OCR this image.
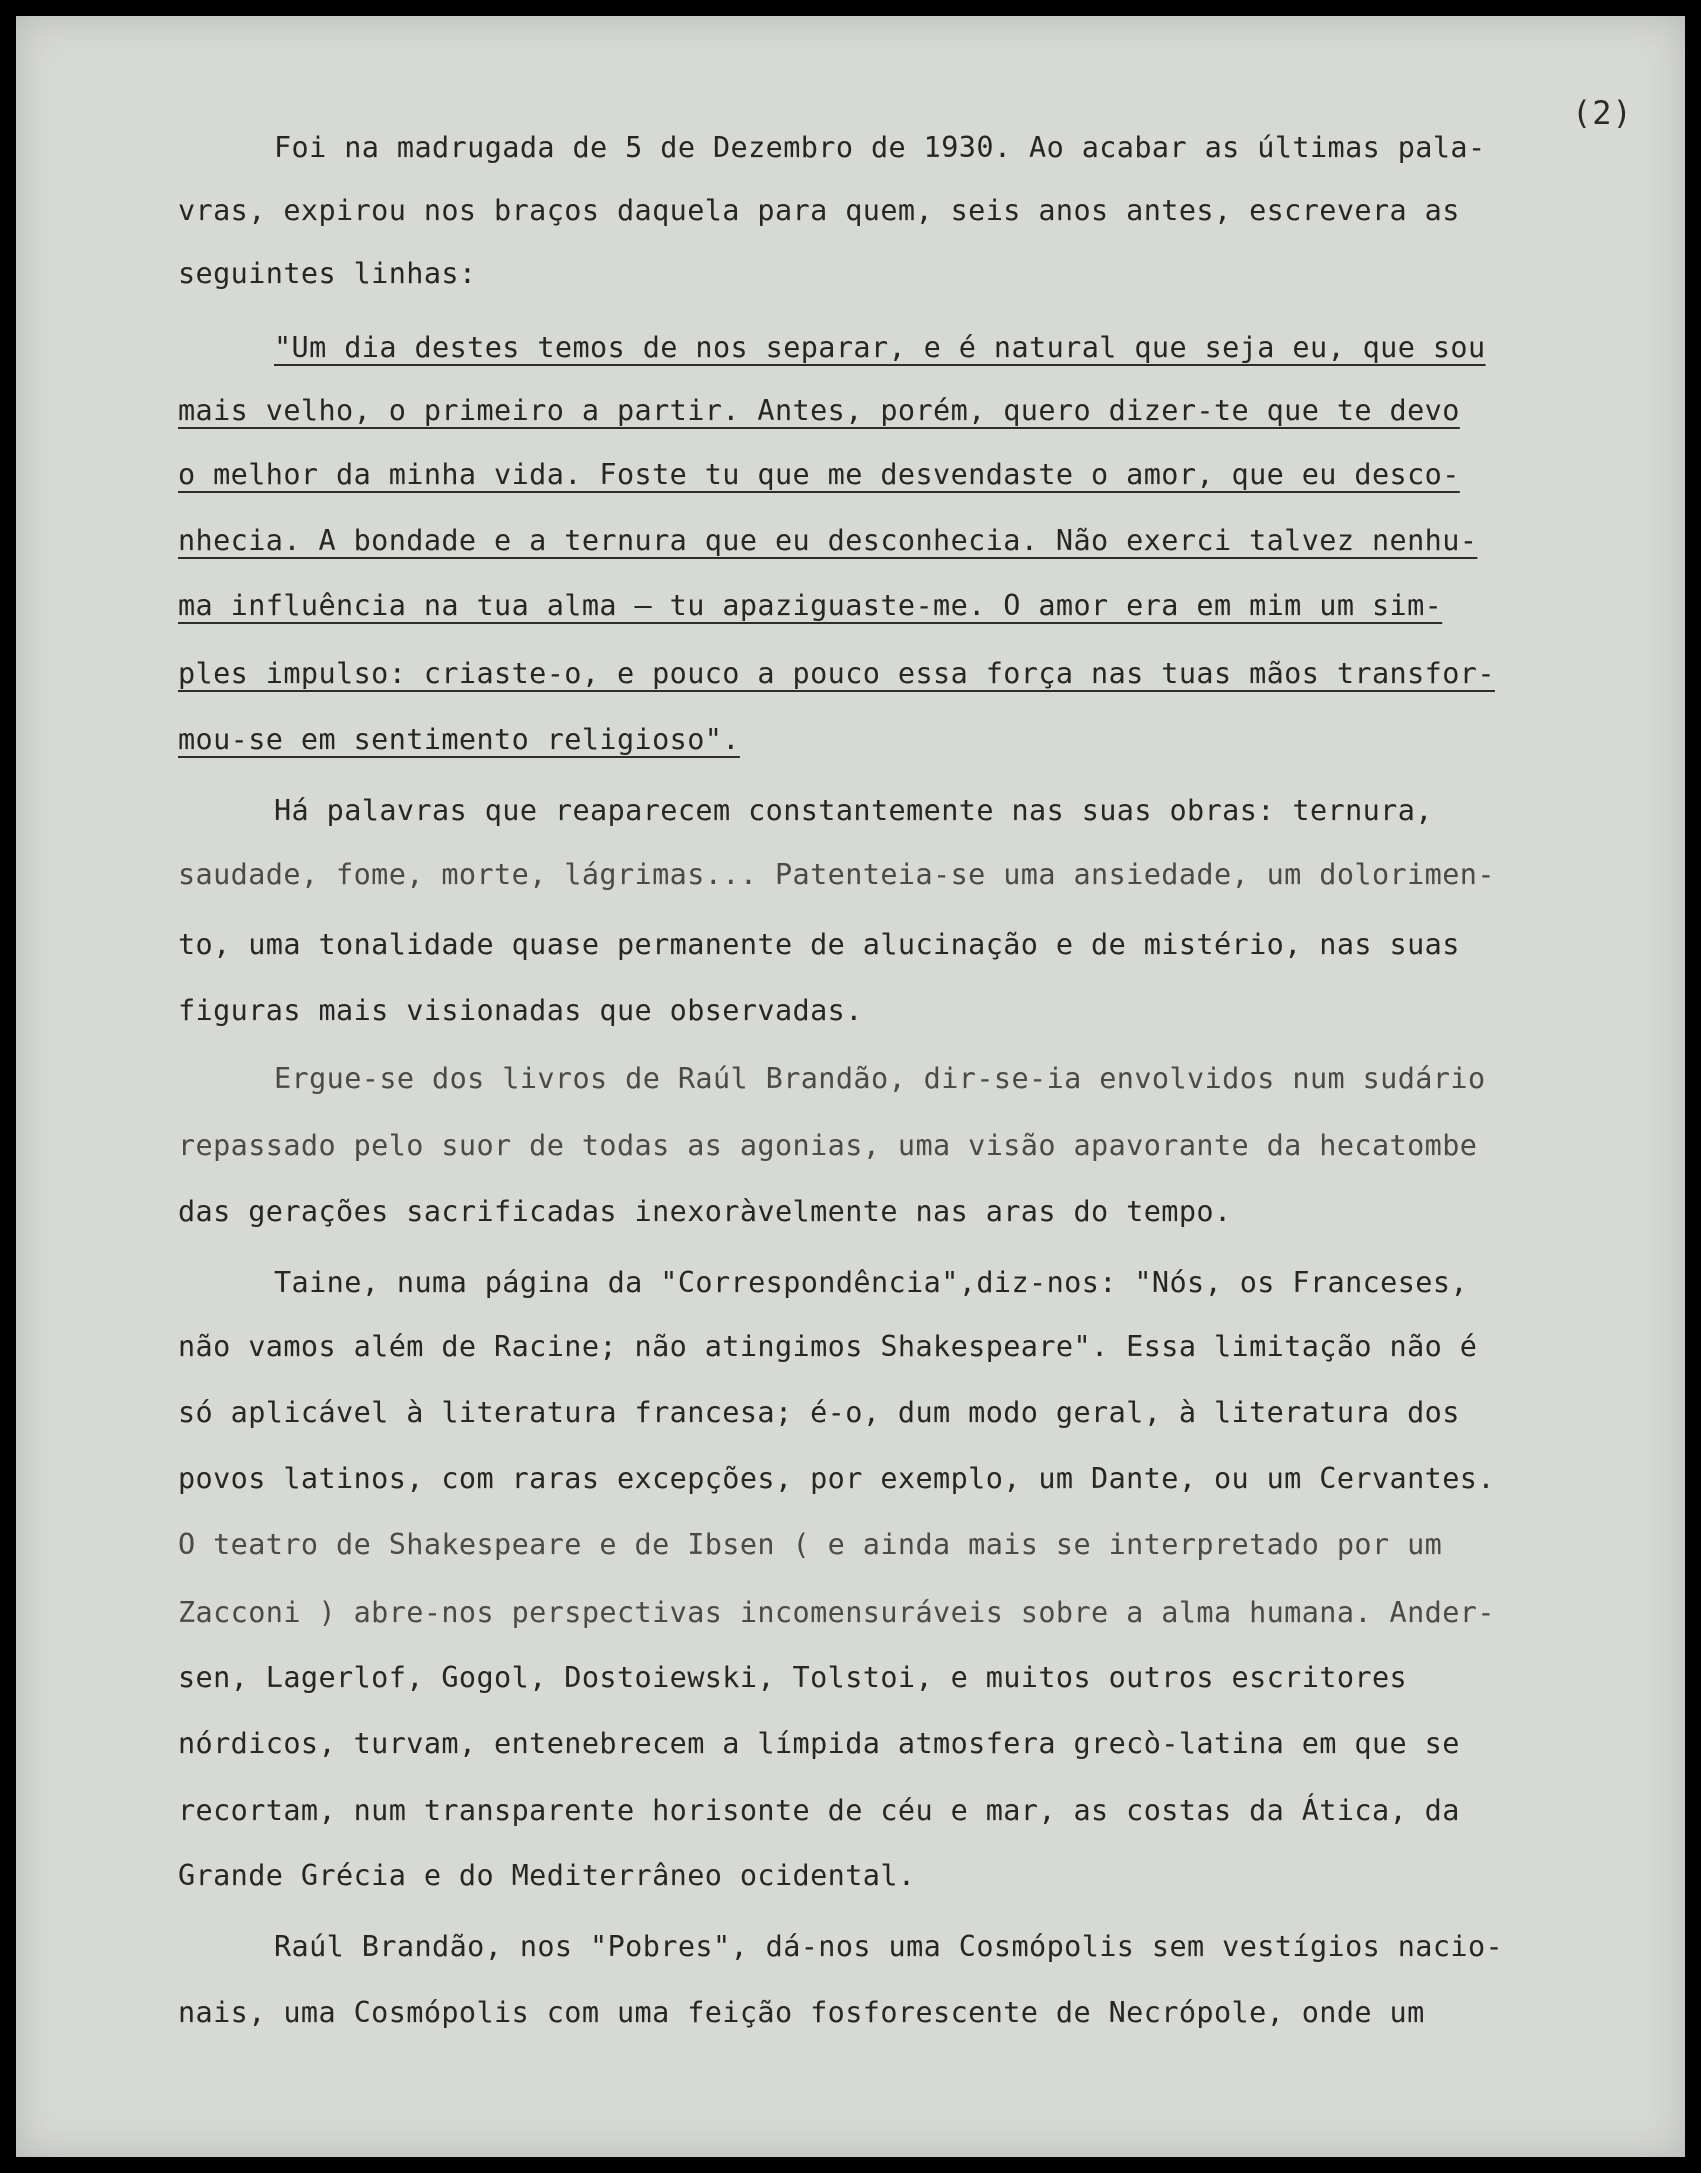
(2)
Foi na madrugada de 5 de Dezembro de 1930. Ao acabar as últimas pala-
vras, expirou nos braços daquela para quem, seis anos antes, escrevera as
seguintes linhas:
"Um dia destes temos de nos separar, e é natural que seja eu, que sou
mais velho, o primeiro a partir. Antes, porém, quero dizer-te que te devo
o melhor da minha vida. Foste tu que me desvendaste o amor, que eu desco-
nhecia. A bondade e a ternura que eu desconhecia. Não exerci talvez nenhu-
ma influência na tua alma — tu apaziguaste-me. O amor era em mim um sim-
ples impulso: criaste-o, e pouco a pouco essa força nas tuas mãos transfor-
mou-se em sentimento religioso".
Há palavras que reaparecem constantemente nas suas obras: ternura,
saudade, fome, morte, lágrimas... Patenteia-se uma ansiedade, um dolorimen-
to, uma tonalidade quase permanente de alucinação e de mistério, nas suas
figuras mais visionadas que observadas.
Ergue-se dos livros de Raúl Brandão, dir-se-ia envolvidos num sudário
repassado pelo suor de todas as agonias, uma visão apavorante da hecatombe
das gerações sacrificadas inexoràvelmente nas aras do tempo.
Taine, numa página da "Correspondência",diz-nos: "Nós, os Franceses,
não vamos além de Racine; não atingimos Shakespeare". Essa limitação não é
só aplicável à literatura francesa; é-o, dum modo geral, à literatura dos
povos latinos, com raras excepções, por exemplo, um Dante, ou um Cervantes.
O teatro de Shakespeare e de Ibsen ( e ainda mais se interpretado por um
Zacconi ) abre-nos perspectivas incomensuráveis sobre a alma humana. Ander-
sen, Lagerlof, Gogol, Dostoiewski, Tolstoi, e muitos outros escritores
nórdicos, turvam, entenebrecem a límpida atmosfera grecò-latina em que se
recortam, num transparente horisonte de céu e mar, as costas da Ática, da
Grande Grécia e do Mediterrâneo ocidental.
Raúl Brandão, nos "Pobres", dá-nos uma Cosmópolis sem vestígios nacio-
nais, uma Cosmópolis com uma feição fosforescente de Necrópole, onde um
